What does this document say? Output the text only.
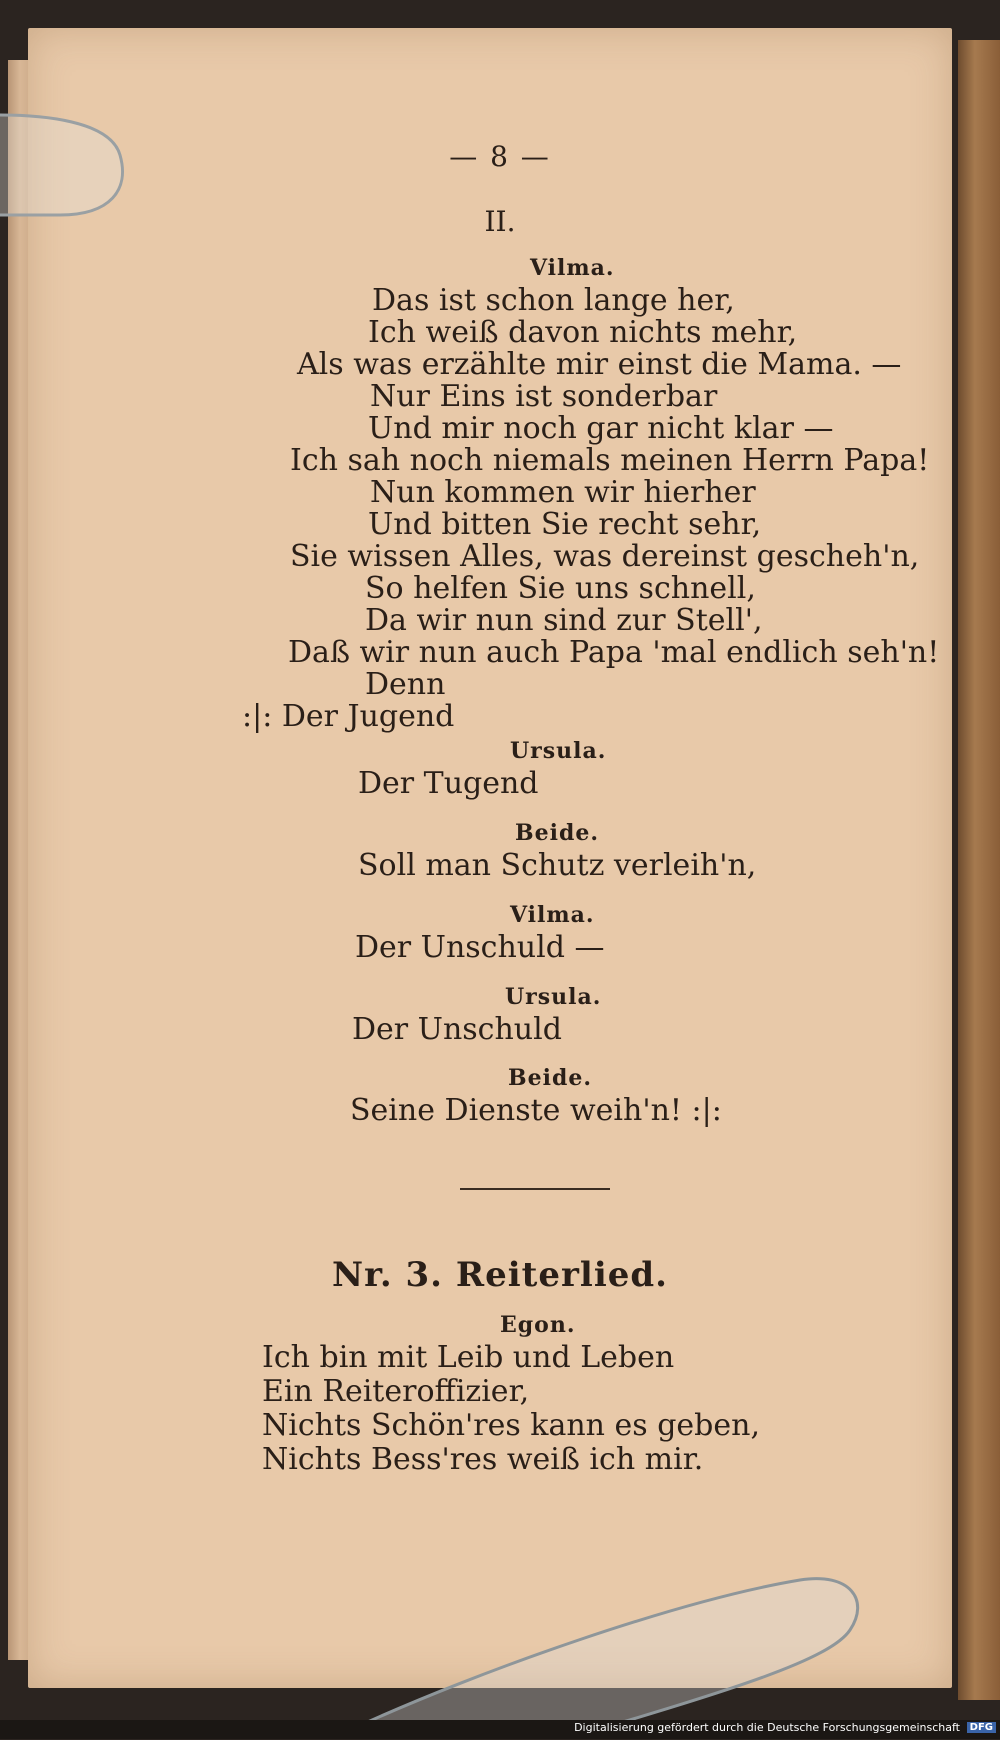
— 8 —
II.
Vilma.
Das ist schon lange her,
Ich weiß davon nichts mehr,
Als was erzählte mir einst die Mama. —
Nur Eins ist sonderbar
Und mir noch gar nicht klar —
Ich sah noch niemals meinen Herrn Papa!
Nun kommen wir hierher
Und bitten Sie recht sehr,
Sie wissen Alles, was dereinst gescheh'n,
So helfen Sie uns schnell,
Da wir nun sind zur Stell',
Daß wir nun auch Papa 'mal endlich seh'n!
Denn
:|: Der Jugend
Ursula.
Der Tugend
Beide.
Soll man Schutz verleih'n,
Vilma.
Der Unschuld —
Ursula.
Der Unschuld
Beide.
Seine Dienste weih'n! :|:
Nr. 3. Reiterlied.
Egon.
Ich bin mit Leib und Leben
Ein Reiteroffizier,
Nichts Schön'res kann es geben,
Nichts Bess'res weiß ich mir.
Digitalisierung gefördert durch die Deutsche Forschungsgemeinschaft DFG
